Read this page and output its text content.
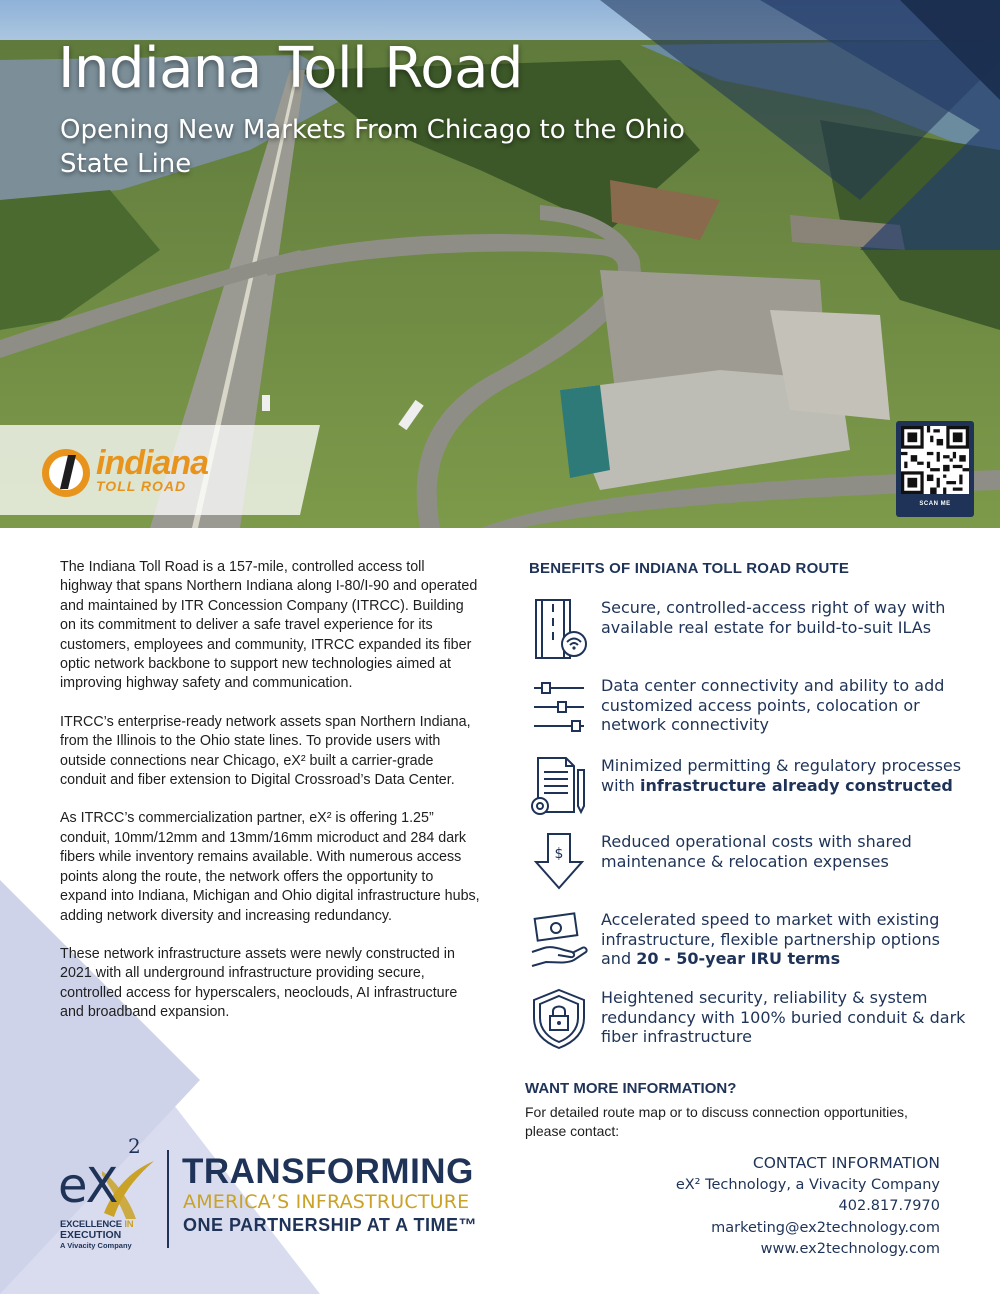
Indiana Toll Road
Opening New Markets From Chicago to the Ohio State Line
indiana
TOLL ROAD
SCAN ME

The Indiana Toll Road is a 157-mile, controlled access toll highway that spans Northern Indiana along I-80/I-90 and operated and maintained by ITR Concession Company (ITRCC). Building on its commitment to deliver a safe travel experience for its customers, employees and community, ITRCC expanded its fiber optic network backbone to support new technologies aimed at improving highway safety and communication.

ITRCC’s enterprise-ready network assets span Northern Indiana, from the Illinois to the Ohio state lines. To provide users with outside connections near Chicago, eX² built a carrier-grade conduit and fiber extension to Digital Crossroad’s Data Center.

As ITRCC’s commercialization partner, eX² is offering 1.25” conduit, 10mm/12mm and 13mm/16mm microduct and 284 dark fibers while inventory remains available. With numerous access points along the route, the network offers the opportunity to expand into Indiana, Michigan and Ohio digital infrastructure hubs, adding network diversity and increasing redundancy.

These network infrastructure assets were newly constructed in 2021 with all underground infrastructure providing secure, controlled access for hyperscalers, neoclouds, AI infrastructure and broadband expansion.

BENEFITS OF INDIANA TOLL ROAD ROUTE
Secure, controlled-access right of way with available real estate for build-to-suit ILAs
Data center connectivity and ability to add customized access points, colocation or network connectivity
Minimized permitting & regulatory processes with infrastructure already constructed
$
Reduced operational costs with shared maintenance & relocation expenses
Accelerated speed to market with existing infrastructure, flexible partnership options and 20 - 50-year IRU terms
Heightened security, reliability & system redundancy with 100% buried conduit & dark fiber infrastructure
WANT MORE INFORMATION?
For detailed route map or to discuss connection opportunities, please contact:
CONTACT INFORMATION
eX² Technology, a Vivacity Company
402.817.7970
marketing@ex2technology.com
www.ex2technology.com
eX
2
EXCELLENCE IN
EXECUTION
A Vivacity Company
TRANSFORMING
AMERICA’S INFRASTRUCTURE
ONE PARTNERSHIP AT A TIME™
